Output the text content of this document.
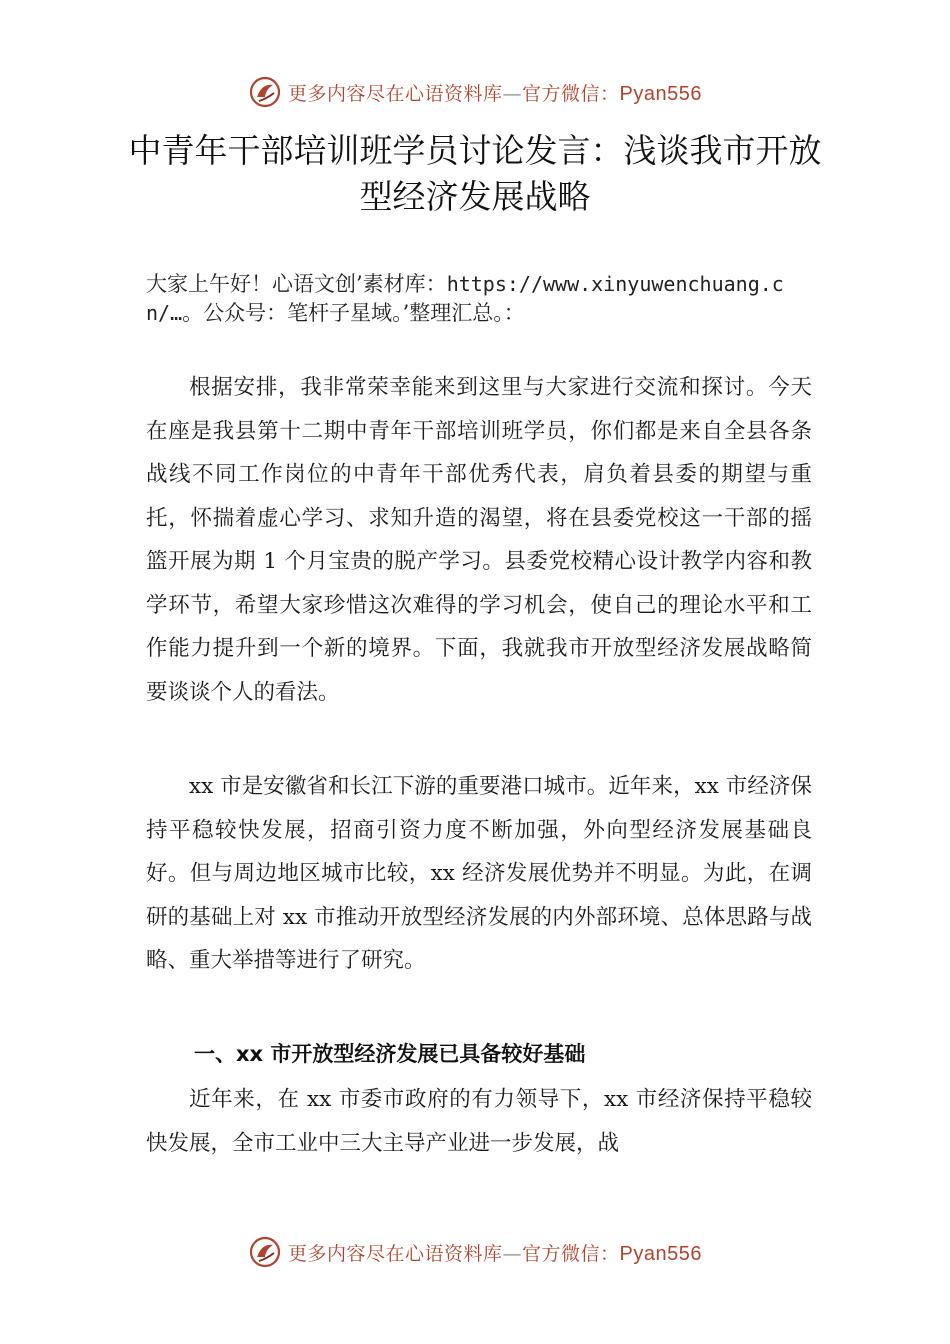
更多内容尽在心语资料库—官方微信：Pyan556
中青年干部培训班学员讨论发言：浅谈我市开放型经济发展战略
大家上午好！心语文创’素材库：https://www.xinyuwenchuang.cn/…。公众号：笔杆子星域。’整理汇总。：
根据安排，我非常荣幸能来到这里与大家进行交流和探讨。今天在座是我县第十二期中青年干部培训班学员，你们都是来自全县各条战线不同工作岗位的中青年干部优秀代表，肩负着县委的期望与重托，怀揣着虚心学习、求知升造的渴望，将在县委党校这一干部的摇篮开展为期 1 个月宝贵的脱产学习。县委党校精心设计教学内容和教学环节，希望大家珍惜这次难得的学习机会，使自己的理论水平和工作能力提升到一个新的境界。下面，我就我市开放型经济发展战略简要谈谈个人的看法。
xx 市是安徽省和长江下游的重要港口城市。近年来，xx 市经济保持平稳较快发展，招商引资力度不断加强，外向型经济发展基础良好。但与周边地区城市比较，xx 经济发展优势并不明显。为此，在调研的基础上对 xx 市推动开放型经济发展的内外部环境、总体思路与战略、重大举措等进行了研究。
一、xx 市开放型经济发展已具备较好基础
近年来，在 xx 市委市政府的有力领导下，xx 市经济保持平稳较快发展，全市工业中三大主导产业进一步发展，战
更多内容尽在心语资料库—官方微信：Pyan556
